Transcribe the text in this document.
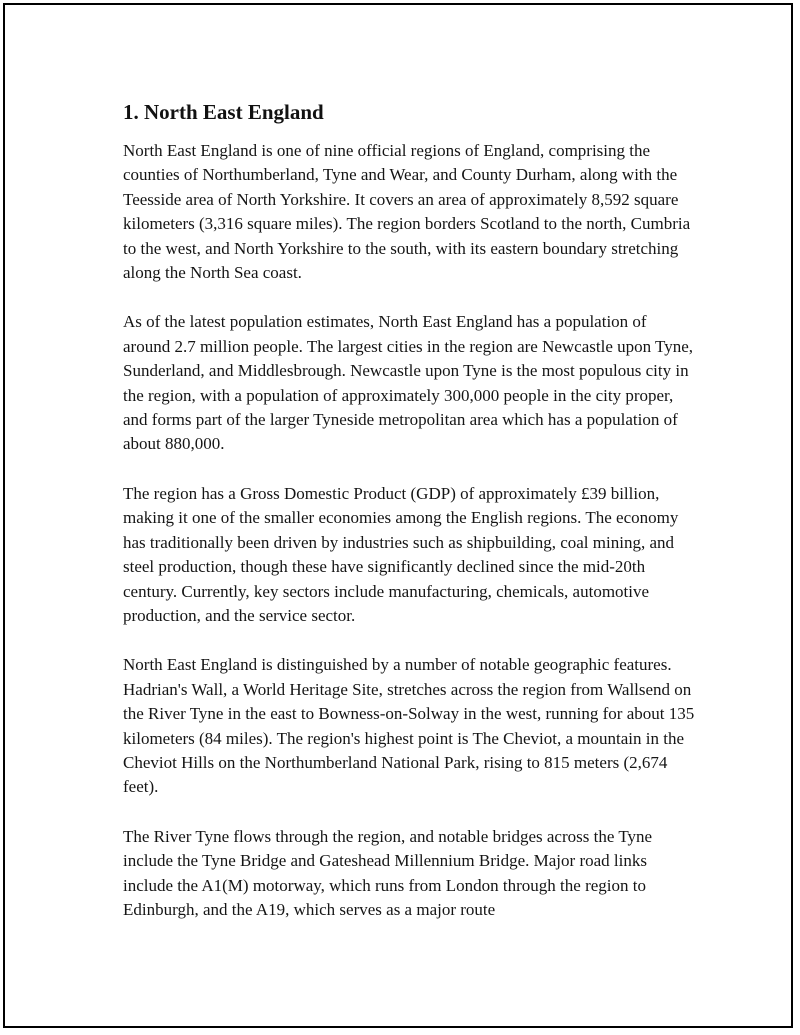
1. North East England

North East England is one of nine official regions of England, comprising the counties of Northumberland, Tyne and Wear, and County Durham, along with the Teesside area of North Yorkshire. It covers an area of approximately 8,592 square kilometers (3,316 square miles). The region borders Scotland to the north, Cumbria to the west, and North Yorkshire to the south, with its eastern boundary stretching along the North Sea coast.

As of the latest population estimates, North East England has a population of around 2.7 million people. The largest cities in the region are Newcastle upon Tyne, Sunderland, and Middlesbrough. Newcastle upon Tyne is the most populous city in the region, with a population of approximately 300,000 people in the city proper, and forms part of the larger Tyneside metropolitan area which has a population of about 880,000.

The region has a Gross Domestic Product (GDP) of approximately £39 billion, making it one of the smaller economies among the English regions. The economy has traditionally been driven by industries such as shipbuilding, coal mining, and steel production, though these have significantly declined since the mid-20th century. Currently, key sectors include manufacturing, chemicals, automotive production, and the service sector.

North East England is distinguished by a number of notable geographic features. Hadrian's Wall, a World Heritage Site, stretches across the region from Wallsend on the River Tyne in the east to Bowness-on-Solway in the west, running for about 135 kilometers (84 miles). The region's highest point is The Cheviot, a mountain in the Cheviot Hills on the Northumberland National Park, rising to 815 meters (2,674 feet).

The River Tyne flows through the region, and notable bridges across the Tyne include the Tyne Bridge and Gateshead Millennium Bridge. Major road links include the A1(M) motorway, which runs from London through the region to Edinburgh, and the A19, which serves as a major route
